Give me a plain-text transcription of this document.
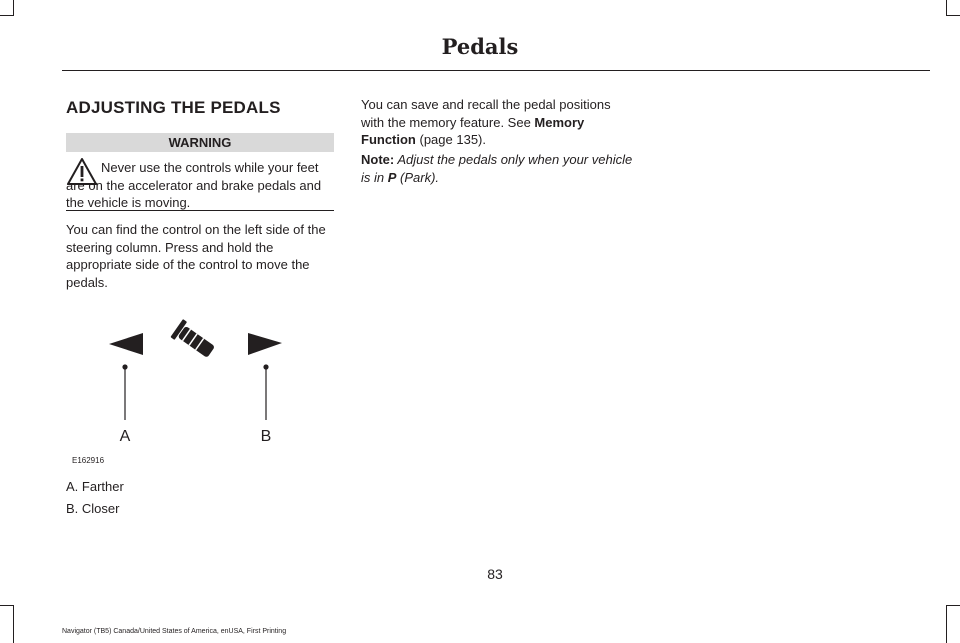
Pedals
ADJUSTING THE PEDALS
WARNING
Never use the controls while your feet are on the accelerator and brake pedals and the vehicle is moving.
You can find the control on the left side of the steering column. Press and hold the appropriate side of the control to move the pedals.
A	B
E162916
A. Farther
B. Closer
You can save and recall the pedal positions with the memory feature. See Memory Function (page 135).
Note: Adjust the pedals only when your vehicle is in P (Park).
83
Navigator (TB5) Canada/United States of America, enUSA, First Printing
